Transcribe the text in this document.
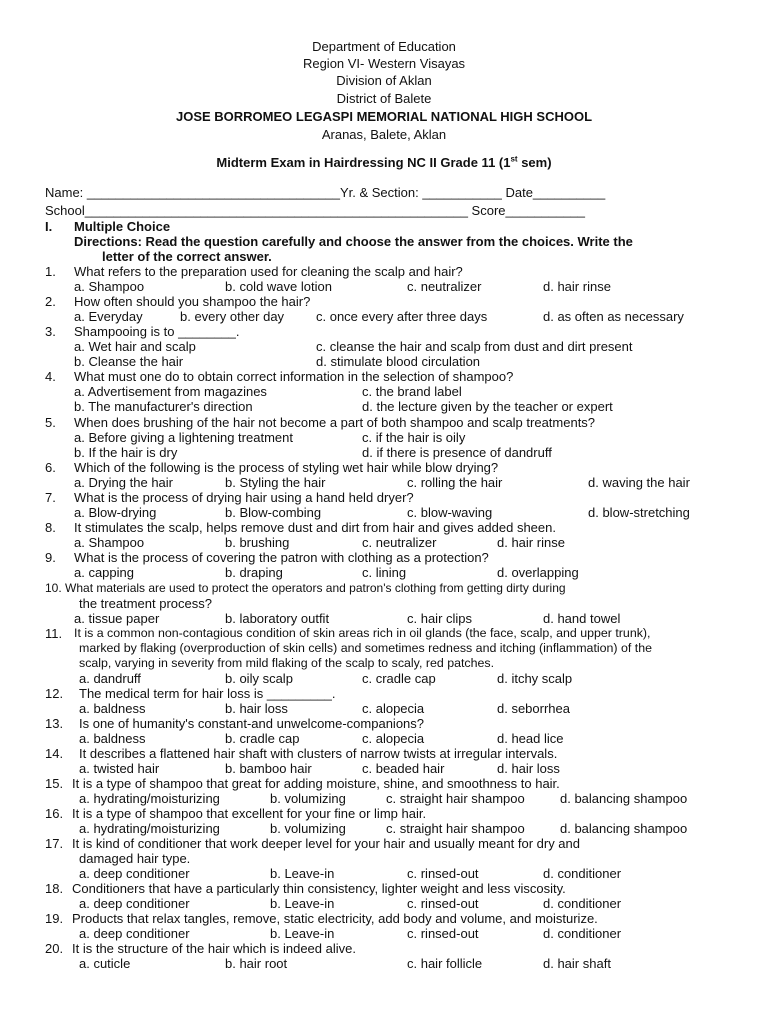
Department of Education
Region VI- Western Visayas
Division of Aklan
District of Balete
JOSE BORROMEO LEGASPI MEMORIAL NATIONAL HIGH SCHOOL
Aranas, Balete, Aklan
Midterm Exam in Hairdressing NC II Grade 11 (1st sem)
Name: ___________________________________Yr. & Section: ___________ Date__________
School_____________________________________________________ Score___________
I. Multiple Choice
Directions: Read the question carefully and choose the answer from the choices. Write the
letter of the correct answer.
1. What refers to the preparation used for cleaning the scalp and hair?
a. Shampoo	b. cold wave lotion	c. neutralizer	d. hair rinse
2. How often should you shampoo the hair?
a. Everyday	b. every other day c. once every after three days	d. as often as necessary
3. Shampooing is to ________.
a. Wet hair and scalp	c. cleanse the hair and scalp from dust and dirt present
b. Cleanse the hair	d. stimulate blood circulation
4. What must one do to obtain correct information in the selection of shampoo?
a. Advertisement from magazines	c. the brand label
b. The manufacturer's direction	d. the lecture given by the teacher or expert
5. When does brushing of the hair not become a part of both shampoo and scalp treatments?
a. Before giving a lightening treatment	c. if the hair is oily
b. If the hair is dry	d. if there is presence of dandruff
6. Which of the following is the process of styling wet hair while blow drying?
a. Drying the hair	b. Styling the hair	c. rolling the hair	d. waving the hair
7. What is the process of drying hair using a hand held dryer?
a. Blow-drying	b. Blow-combing	c. blow-waving	d. blow-stretching
8. It stimulates the scalp, helps remove dust and dirt from hair and gives added sheen.
a. Shampoo	b. brushing	c. neutralizer	d. hair rinse
9. What is the process of covering the patron with clothing as a protection?
a. capping	b. draping	c. lining	d. overlapping
10. What materials are used to protect the operators and patron's clothing from getting dirty during
the treatment process?
a. tissue paper	b. laboratory outfit	c. hair clips	d. hand towel
11. It is a common non-contagious condition of skin areas rich in oil glands (the face, scalp, and upper trunk),
marked by flaking (overproduction of skin cells) and sometimes redness and itching (inflammation) of the
scalp, varying in severity from mild flaking of the scalp to scaly, red patches.
a. dandruff	b. oily scalp	c. cradle cap	d. itchy scalp
12. The medical term for hair loss is _________.
a. baldness	b. hair loss	c. alopecia	d. seborrhea
13. Is one of humanity's constant-and unwelcome-companions?
a. baldness	b. cradle cap	c. alopecia	d. head lice
14. It describes a flattened hair shaft with clusters of narrow twists at irregular intervals.
a. twisted hair	b. bamboo hair	c. beaded hair	d. hair loss
15. It is a type of shampoo that great for adding moisture, shine, and smoothness to hair.
a. hydrating/moisturizing	b. volumizing	c. straight hair shampoo	d. balancing shampoo
16. It is a type of shampoo that excellent for your fine or limp hair.
a. hydrating/moisturizing	b. volumizing	c. straight hair shampoo	d. balancing shampoo
17. It is kind of conditioner that work deeper level for your hair and usually meant for dry and
damaged hair type.
a. deep conditioner	b. Leave-in	c. rinsed-out	d. conditioner
18. Conditioners that have a particularly thin consistency, lighter weight and less viscosity.
a. deep conditioner	b. Leave-in	c. rinsed-out	d. conditioner
19. Products that relax tangles, remove, static electricity, add body and volume, and moisturize.
a. deep conditioner	b. Leave-in	c. rinsed-out	d. conditioner
20. It is the structure of the hair which is indeed alive.
a. cuticle	b. hair root	c. hair follicle	d. hair shaft
